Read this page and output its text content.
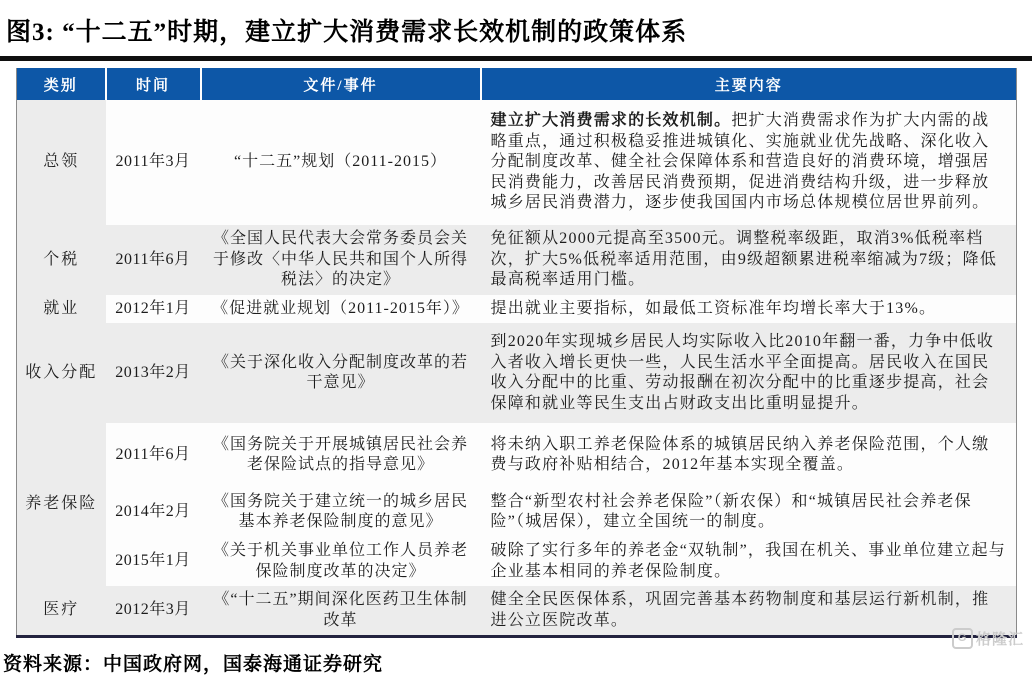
图3: “十二五”时期，建立扩大消费需求长效机制的政策体系
类别	时间	文件/事件	主要内容
总领	2011年3月	“十二五”规划（2011-2015）	建立扩大消费需求的长效机制。把扩大消费需求作为扩大内需的战略重点，通过积极稳妥推进城镇化、实施就业优先战略、深化收入分配制度改革、健全社会保障体系和营造良好的消费环境，增强居民消费能力，改善居民消费预期，促进消费结构升级，进一步释放城乡居民消费潜力，逐步使我国国内市场总体规模位居世界前列。
个税	2011年6月	《全国人民代表大会常务委员会关于修改〈中华人民共和国个人所得税法〉的决定》	免征额从2000元提高至3500元。调整税率级距，取消3%低税率档次，扩大5%低税率适用范围，由9级超额累进税率缩减为7级；降低最高税率适用门槛。
就业	2012年1月	《促进就业规划（2011-2015年）》	提出就业主要指标，如最低工资标准年均增长率大于13%。
收入分配	2013年2月	《关于深化收入分配制度改革的若干意见》	到2020年实现城乡居民人均实际收入比2010年翻一番，力争中低收入者收入增长更快一些，人民生活水平全面提高。居民收入在国民收入分配中的比重、劳动报酬在初次分配中的比重逐步提高，社会保障和就业等民生支出占财政支出比重明显提升。
养老保险	2011年6月	《国务院关于开展城镇居民社会养老保险试点的指导意见》	将未纳入职工养老保险体系的城镇居民纳入养老保险范围，个人缴费与政府补贴相结合，2012年基本实现全覆盖。
	2014年2月	《国务院关于建立统一的城乡居民基本养老保险制度的意见》	整合“新型农村社会养老保险”（新农保）和“城镇居民社会养老保险”（城居保），建立全国统一的制度。
	2015年1月	《关于机关事业单位工作人员养老保险制度改革的决定》	破除了实行多年的养老金“双轨制”，我国在机关、事业单位建立起与企业基本相同的养老保险制度。
医疗	2012年3月	《“十二五”期间深化医药卫生体制改革	健全全民医保体系，巩固完善基本药物制度和基层运行新机制，推进公立医院改革。
资料来源：中国政府网，国泰海通证券研究
G 格隆汇
